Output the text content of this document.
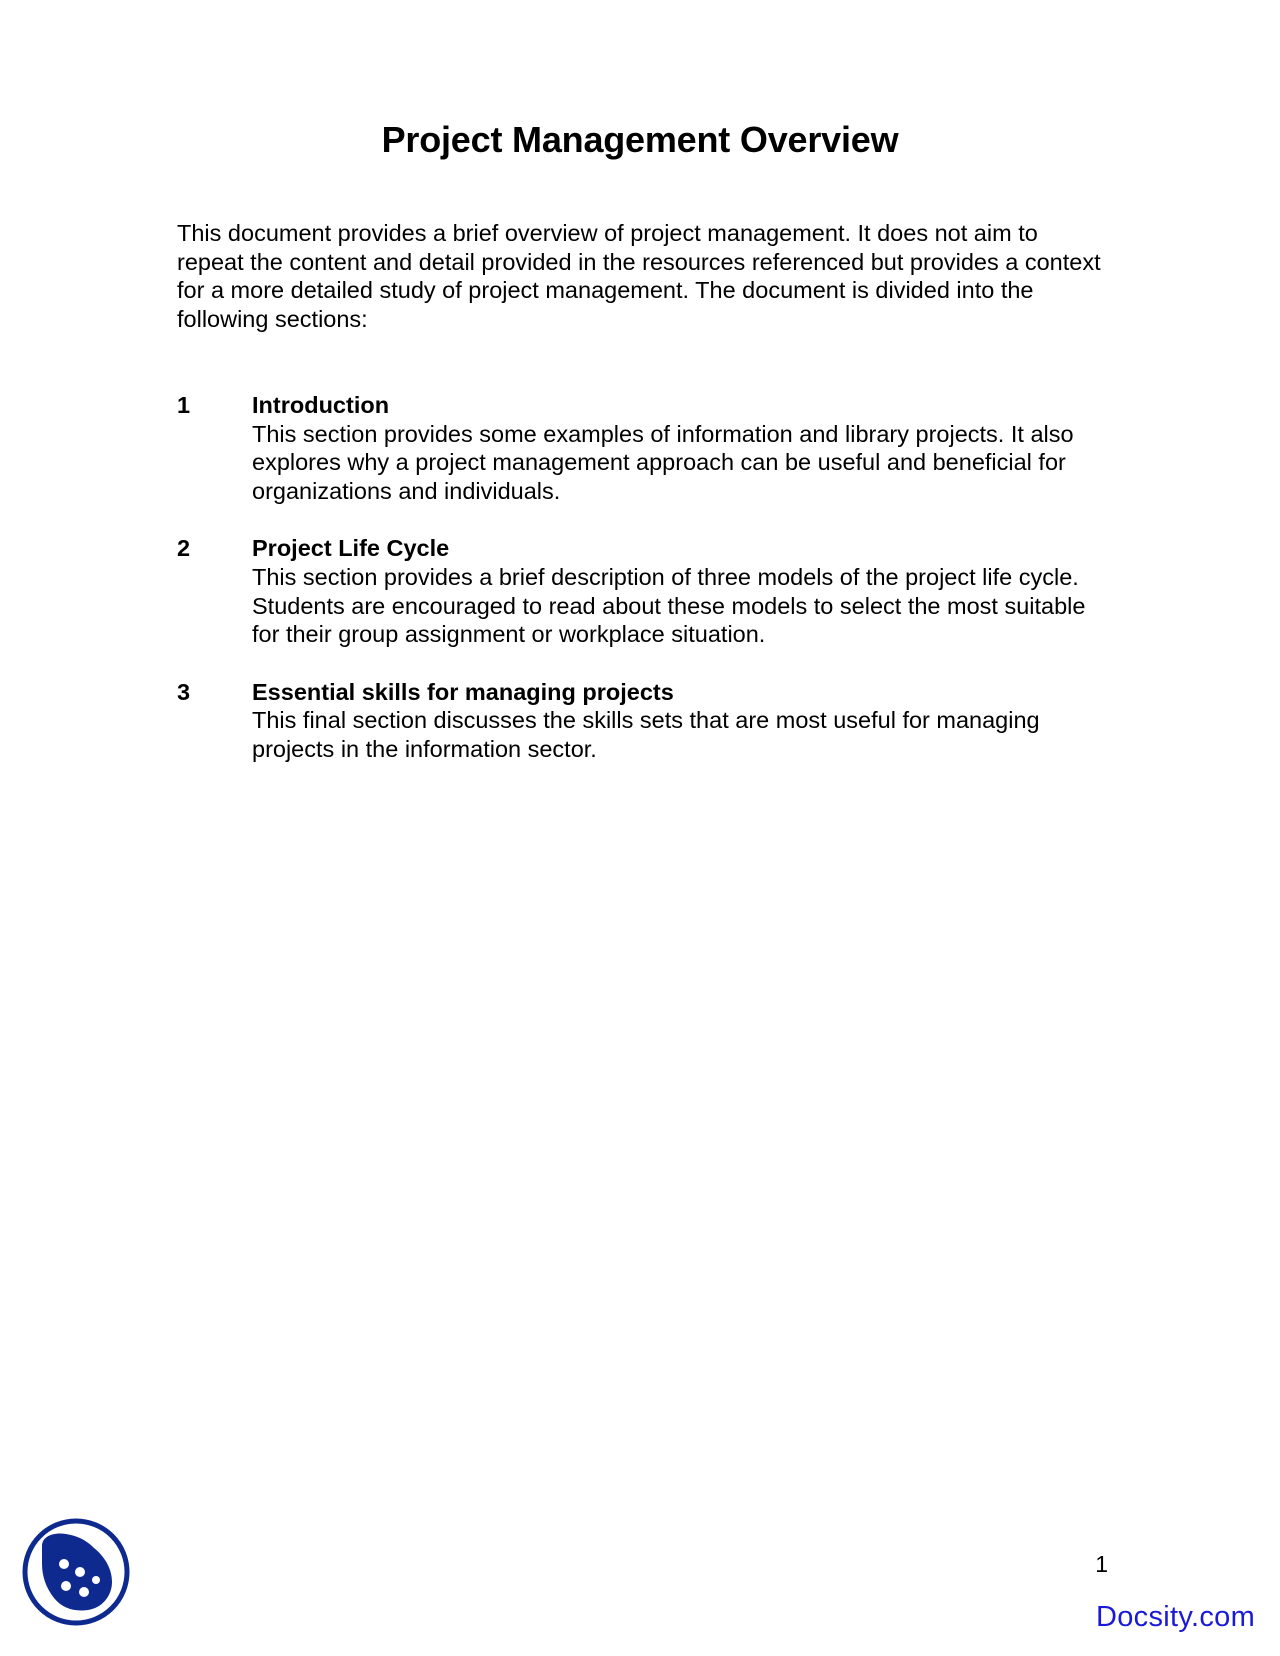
Project Management Overview

This document provides a brief overview of project management. It does not aim to repeat the content and detail provided in the resources referenced but provides a context for a more detailed study of project management. The document is divided into the following sections:

1	Introduction
This section provides some examples of information and library projects. It also explores why a project management approach can be useful and beneficial for organizations and individuals.
2	Project Life Cycle
This section provides a brief description of three models of the project life cycle. Students are encouraged to read about these models to select the most suitable for their group assignment or workplace situation.
3	Essential skills for managing projects
This final section discusses the skills sets that are most useful for managing projects in the information sector.
1
Docsity.com
